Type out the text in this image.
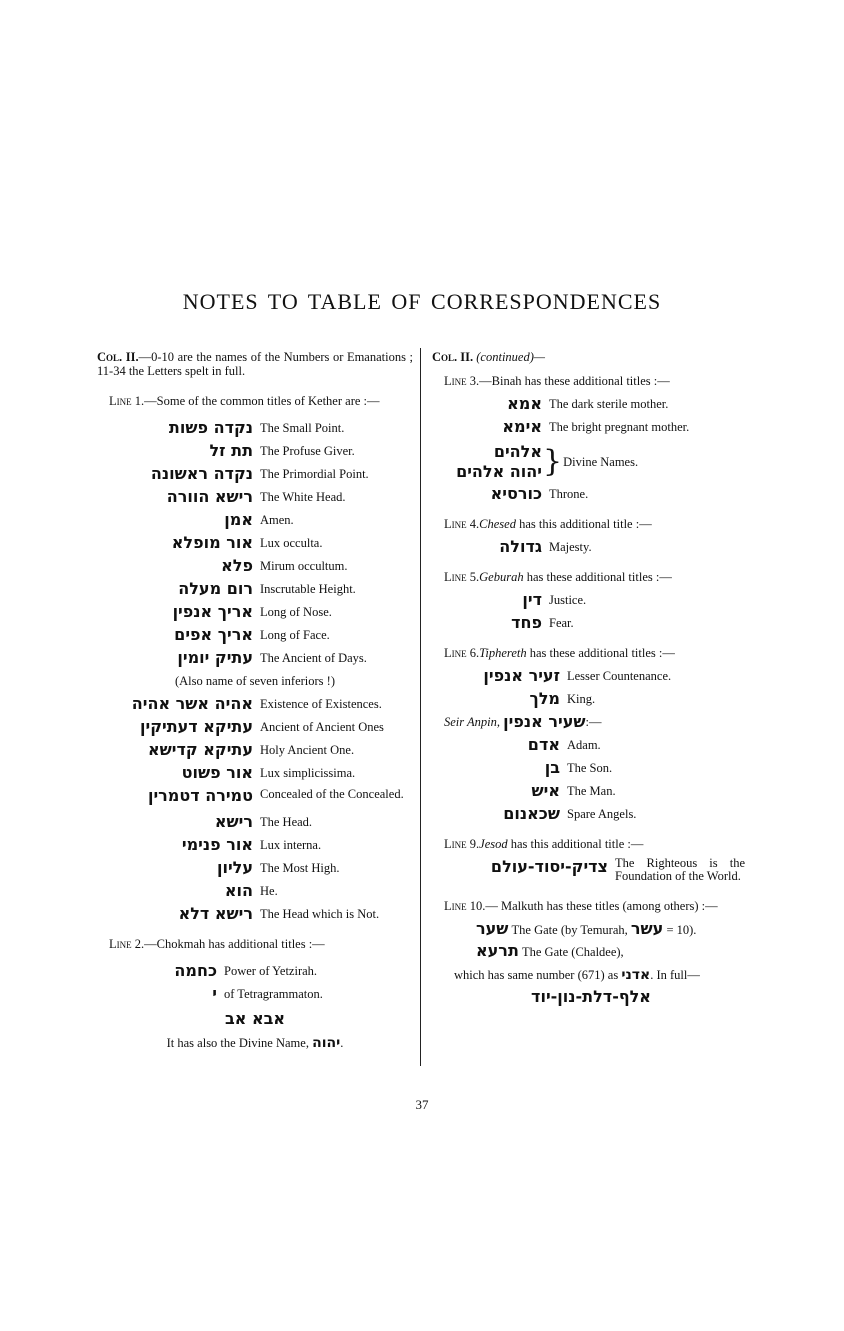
NOTES TO TABLE OF CORRESPONDENCES
Col. II.—0-10 are the names of the Numbers or Emanations ; 11-34 the Letters spelt in full.
Line 1.—Some of the common titles of Kether are :—
נקדה פשות The Small Point.
תת זל The Profuse Giver.
נקדה ראשונה The Primordial Point.
רישא הוורה The White Head.
אמן Amen.
אור מופלא Lux occulta.
פלא Mirum occultum.
רום מעלה Inscrutable Height.
אריך אנפין Long of Nose.
אריך אפים Long of Face.
עתיק יומין The Ancient of Days.
(Also name of seven inferiors !)
אהיה אשר אהיה Existence of Existences.
עתיקא דעתיקין Ancient of Ancient Ones
עתיקא קדישא Holy Ancient One.
אור פשוט Lux simplicissima.
טמירה דטמרין Concealed of the Concealed.
רישא The Head.
אור פנימי Lux interna.
עליון The Most High.
הוא He.
רישא דלא The Head which is Not.
Line 2.—Chokmah has additional titles :—
כחמה Power of Yetzirah.
י of Tetragrammaton.
אבא אב
It has also the Divine Name, יהוה.
Col. II. (continued)—
Line 3.—Binah has these additional titles :—
אמא The dark sterile mother.
אימא The bright pregnant mother.
אלהים
יהוה אלהים } Divine Names.
כורסיא Throne.
Line 4.Chesed has this additional title :—
גדולה Majesty.
Line 5.Geburah has these additional titles :—
דין Justice.
פחד Fear.
Line 6.Tiphereth has these additional titles :—
זעיר אנפין Lesser Countenance.
מלך King.
Seir Anpin,
שעיר אנפין :—
אדם Adam.
בן The Son.
איש The Man.
שכאנום Spare Angels.
Line 9.Jesod has this additional title :—
צדיק-יסוד-עולם The Righteous is the Foundation of the World.
Line 10.— Malkuth has these titles (among others) :—
שער The Gate (by Temurah, עשר = 10).
תרעא The Gate (Chaldee),
which has same number (671) as אדני. In full—
אלף-דלת-נון-יוד
37
